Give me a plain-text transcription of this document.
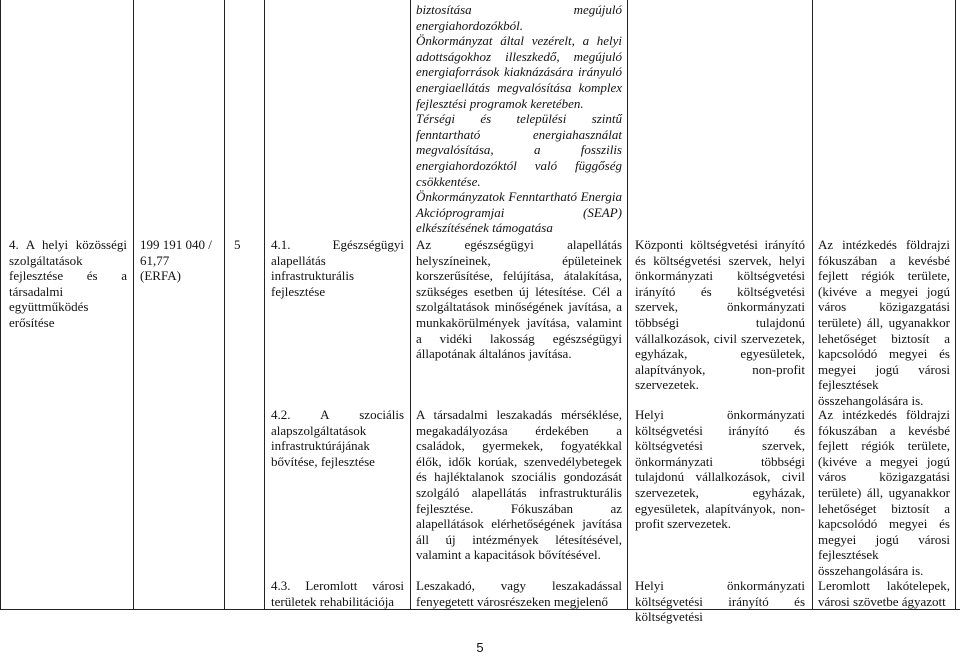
biztosítása megújuló energiahordozókból.

Önkormányzat által vezérelt, a helyi adottságokhoz illeszkedő, megújuló energiaforrások kiaknázására irányuló energiaellátás megvalósítása komplex fejlesztési programok keretében.

Térségi és települési szintű fenntartható energiahasználat megvalósítása, a fosszilis energiahordozóktól való függőség csökkentése.

Önkormányzatok Fenntartható Energia Akcióprogramjai (SEAP) elkészítésének támogatása

4. A helyi közösségi szolgáltatások fejlesztése és a társadalmi együttműködés erősítése
199 191 040 / 61,77
(ERFA)
5	4.1. Egészségügyi alapellátás infrastrukturális fejlesztése
Az egészségügyi alapellátás helyszíneinek, épületeinek korszerűsítése, felújítása, átalakítása, szükséges esetben új létesítése. Cél a szolgáltatások minőségének javítása, a munkakörülmények javítása, valamint a vidéki lakosság egészségügyi állapotának általános javítása.
Központi költségvetési irányító és költségvetési szervek, helyi önkormányzati költségvetési irányító és költségvetési szervek, önkormányzati többségi tulajdonú vállalkozások, civil szervezetek, egyházak, egyesületek, alapítványok, non-profit szervezetek.
Az intézkedés földrajzi fókuszában a kevésbé fejlett régiók területe, (kivéve a megyei jogú város közigazgatási területe) áll, ugyanakkor lehetőséget biztosít a kapcsolódó megyei és megyei jogú városi fejlesztések összehangolására is.
4.2. A szociális alapszolgáltatások infrastruktúrájának bővítése, fejlesztése
A társadalmi leszakadás mérséklése, megakadályozása érdekében a családok, gyermekek, fogyatékkal élők, idők korúak, szenvedélybetegek és hajléktalanok szociális gondozását szolgáló alapellátás infrastrukturális fejlesztése. Fókuszában az alapellátások elérhetőségének javítása áll új intézmények létesítésével, valamint a kapacitások bővítésével.
Helyi önkormányzati költségvetési irányító és költségvetési szervek, önkormányzati többségi tulajdonú vállalkozások, civil szervezetek, egyházak, egyesületek, alapítványok, non-profit szervezetek.
Az intézkedés földrajzi fókuszában a kevésbé fejlett régiók területe, (kivéve a megyei jogú város közigazgatási területe) áll, ugyanakkor lehetőséget biztosít a kapcsolódó megyei és megyei jogú városi fejlesztések összehangolására is.
4.3. Leromlott városi területek rehabilitációja
Leszakadó, vagy leszakadással fenyegetett városrészeken megjelenő
Helyi önkormányzati költségvetési irányító és költségvetési
Leromlott lakótelepek, városi szövetbe ágyazott
5
